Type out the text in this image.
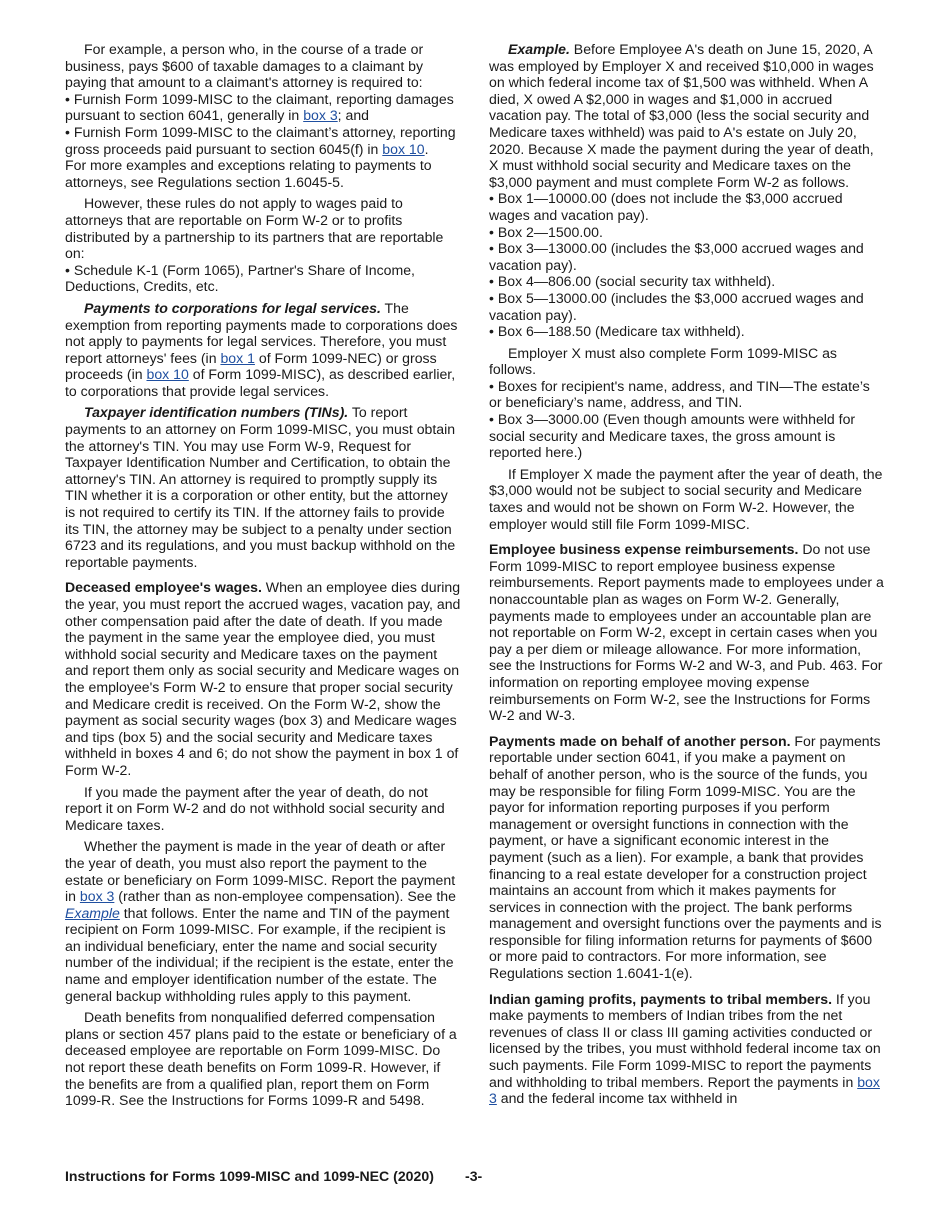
For example, a person who, in the course of a trade or business, pays $600 of taxable damages to a claimant by paying that amount to a claimant's attorney is required to:

• Furnish Form 1099-MISC to the claimant, reporting damages pursuant to section 6041, generally in box 3; and

• Furnish Form 1099-MISC to the claimant’s attorney, reporting gross proceeds paid pursuant to section 6045(f) in box 10.

For more examples and exceptions relating to payments to attorneys, see Regulations section 1.6045-5.

However, these rules do not apply to wages paid to attorneys that are reportable on Form W-2 or to profits distributed by a partnership to its partners that are reportable on:

• Schedule K-1 (Form 1065), Partner's Share of Income, Deductions, Credits, etc.

Payments to corporations for legal services. The exemption from reporting payments made to corporations does not apply to payments for legal services. Therefore, you must report attorneys' fees (in box 1 of Form 1099-NEC) or gross proceeds (in box 10 of Form 1099-MISC), as described earlier, to corporations that provide legal services.

Taxpayer identification numbers (TINs). To report payments to an attorney on Form 1099-MISC, you must obtain the attorney's TIN. You may use Form W-9, Request for Taxpayer Identification Number and Certification, to obtain the attorney's TIN. An attorney is required to promptly supply its TIN whether it is a corporation or other entity, but the attorney is not required to certify its TIN. If the attorney fails to provide its TIN, the attorney may be subject to a penalty under section 6723 and its regulations, and you must backup withhold on the reportable payments.

Deceased employee's wages. When an employee dies during the year, you must report the accrued wages, vacation pay, and other compensation paid after the date of death. If you made the payment in the same year the employee died, you must withhold social security and Medicare taxes on the payment and report them only as social security and Medicare wages on the employee's Form W-2 to ensure that proper social security and Medicare credit is received. On the Form W-2, show the payment as social security wages (box 3) and Medicare wages and tips (box 5) and the social security and Medicare taxes withheld in boxes 4 and 6; do not show the payment in box 1 of Form W-2.

If you made the payment after the year of death, do not report it on Form W-2 and do not withhold social security and Medicare taxes.

Whether the payment is made in the year of death or after the year of death, you must also report the payment to the estate or beneficiary on Form 1099-MISC. Report the payment in box 3 (rather than as non-employee compensation). See the Example that follows. Enter the name and TIN of the payment recipient on Form 1099-MISC. For example, if the recipient is an individual beneficiary, enter the name and social security number of the individual; if the recipient is the estate, enter the name and employer identification number of the estate. The general backup withholding rules apply to this payment.

Death benefits from nonqualified deferred compensation plans or section 457 plans paid to the estate or beneficiary of a deceased employee are reportable on Form 1099-MISC. Do not report these death benefits on Form 1099-R. However, if the benefits are from a qualified plan, report them on Form 1099-R. See the Instructions for Forms 1099-R and 5498.

Example. Before Employee A's death on June 15, 2020, A was employed by Employer X and received $10,000 in wages on which federal income tax of $1,500 was withheld. When A died, X owed A $2,000 in wages and $1,000 in accrued vacation pay. The total of $3,000 (less the social security and Medicare taxes withheld) was paid to A's estate on July 20, 2020. Because X made the payment during the year of death, X must withhold social security and Medicare taxes on the $3,000 payment and must complete Form W-2 as follows.

• Box 1—10000.00 (does not include the $3,000 accrued wages and vacation pay).

• Box 2—1500.00.

• Box 3—13000.00 (includes the $3,000 accrued wages and vacation pay).

• Box 4—806.00 (social security tax withheld).

• Box 5—13000.00 (includes the $3,000 accrued wages and vacation pay).

• Box 6—188.50 (Medicare tax withheld).

Employer X must also complete Form 1099-MISC as follows.

• Boxes for recipient's name, address, and TIN—The estate’s or beneficiary’s name, address, and TIN.

• Box 3—3000.00 (Even though amounts were withheld for social security and Medicare taxes, the gross amount is reported here.)

If Employer X made the payment after the year of death, the $3,000 would not be subject to social security and Medicare taxes and would not be shown on Form W-2. However, the employer would still file Form 1099-MISC.

Employee business expense reimbursements. Do not use Form 1099-MISC to report employee business expense reimbursements. Report payments made to employees under a nonaccountable plan as wages on Form W-2. Generally, payments made to employees under an accountable plan are not reportable on Form W-2, except in certain cases when you pay a per diem or mileage allowance. For more information, see the Instructions for Forms W-2 and W-3, and Pub. 463. For information on reporting employee moving expense reimbursements on Form W-2, see the Instructions for Forms W-2 and W-3.

Payments made on behalf of another person. For payments reportable under section 6041, if you make a payment on behalf of another person, who is the source of the funds, you may be responsible for filing Form 1099-MISC. You are the payor for information reporting purposes if you perform management or oversight functions in connection with the payment, or have a significant economic interest in the payment (such as a lien). For example, a bank that provides financing to a real estate developer for a construction project maintains an account from which it makes payments for services in connection with the project. The bank performs management and oversight functions over the payments and is responsible for filing information returns for payments of $600 or more paid to contractors. For more information, see Regulations section 1.6041-1(e).

Indian gaming profits, payments to tribal members. If you make payments to members of Indian tribes from the net revenues of class II or class III gaming activities conducted or licensed by the tribes, you must withhold federal income tax on such payments. File Form 1099-MISC to report the payments and withholding to tribal members. Report the payments in box 3 and the federal income tax withheld in

Instructions for Forms 1099-MISC and 1099-NEC (2020) -3-
